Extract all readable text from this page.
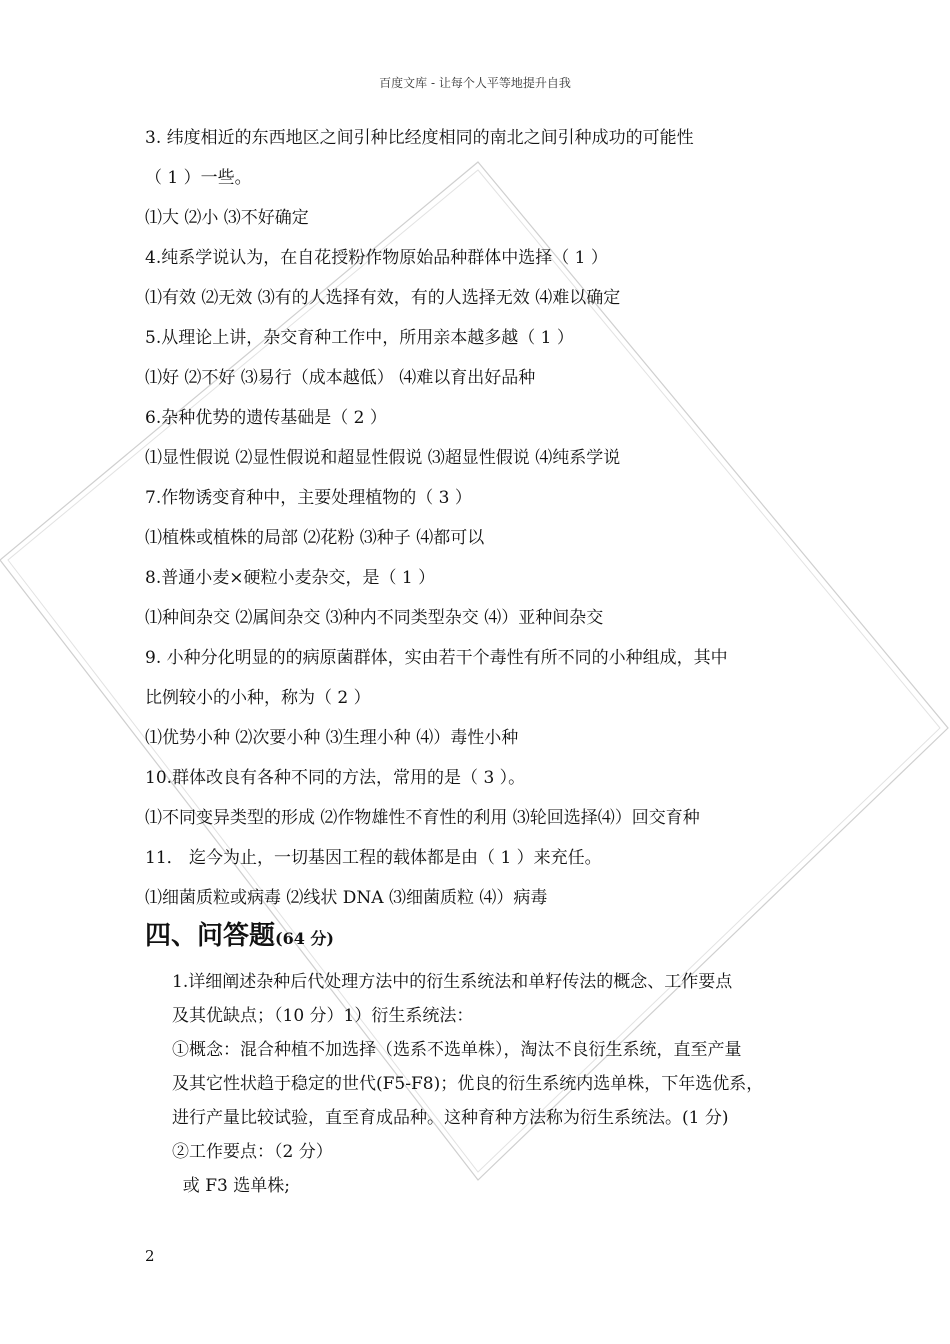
百度文库 - 让每个人平等地提升自我
3. 纬度相近的东西地区之间引种比经度相同的南北之间引种成功的可能性
（ 1 ）一些。
⑴大 ⑵小 ⑶不好确定
4.纯系学说认为，在自花授粉作物原始品种群体中选择（ 1 ）
⑴有效 ⑵无效 ⑶有的人选择有效，有的人选择无效 ⑷难以确定
5.从理论上讲，杂交育种工作中，所用亲本越多越（ 1 ）
⑴好 ⑵不好 ⑶易行（成本越低） ⑷难以育出好品种
6.杂种优势的遗传基础是（ 2 ）
⑴显性假说 ⑵显性假说和超显性假说 ⑶超显性假说 ⑷纯系学说
7.作物诱变育种中，主要处理植物的（ 3 ）
⑴植株或植株的局部 ⑵花粉 ⑶种子 ⑷都可以
8.普通小麦×硬粒小麦杂交，是（ 1 ）
⑴种间杂交 ⑵属间杂交 ⑶种内不同类型杂交 ⑷）亚种间杂交
9. 小种分化明显的的病原菌群体，实由若干个毒性有所不同的小种组成，其中
比例较小的小种，称为（ 2 ）
⑴优势小种 ⑵次要小种 ⑶生理小种 ⑷）毒性小种
10.群体改良有各种不同的方法，常用的是（ 3 ）。
⑴不同变异类型的形成 ⑵作物雄性不育性的利用 ⑶轮回选择⑷）回交育种
11． 迄今为止，一切基因工程的载体都是由（ 1 ）来充任。
⑴细菌质粒或病毒 ⑵线状 DNA ⑶细菌质粒 ⑷）病毒
四、问答题(64 分)
1.详细阐述杂种后代处理方法中的衍生系统法和单籽传法的概念、工作要点
及其优缺点；（10 分）1）衍生系统法：
①概念：混合种植不加选择（选系不选单株），淘汰不良衍生系统，直至产量
及其它性状趋于稳定的世代(F5-F8)；优良的衍生系统内选单株，下年选优系，
进行产量比较试验，直至育成品种。这种育种方法称为衍生系统法。(1 分)
②工作要点：（2 分）
或 F3 选单株;
2
